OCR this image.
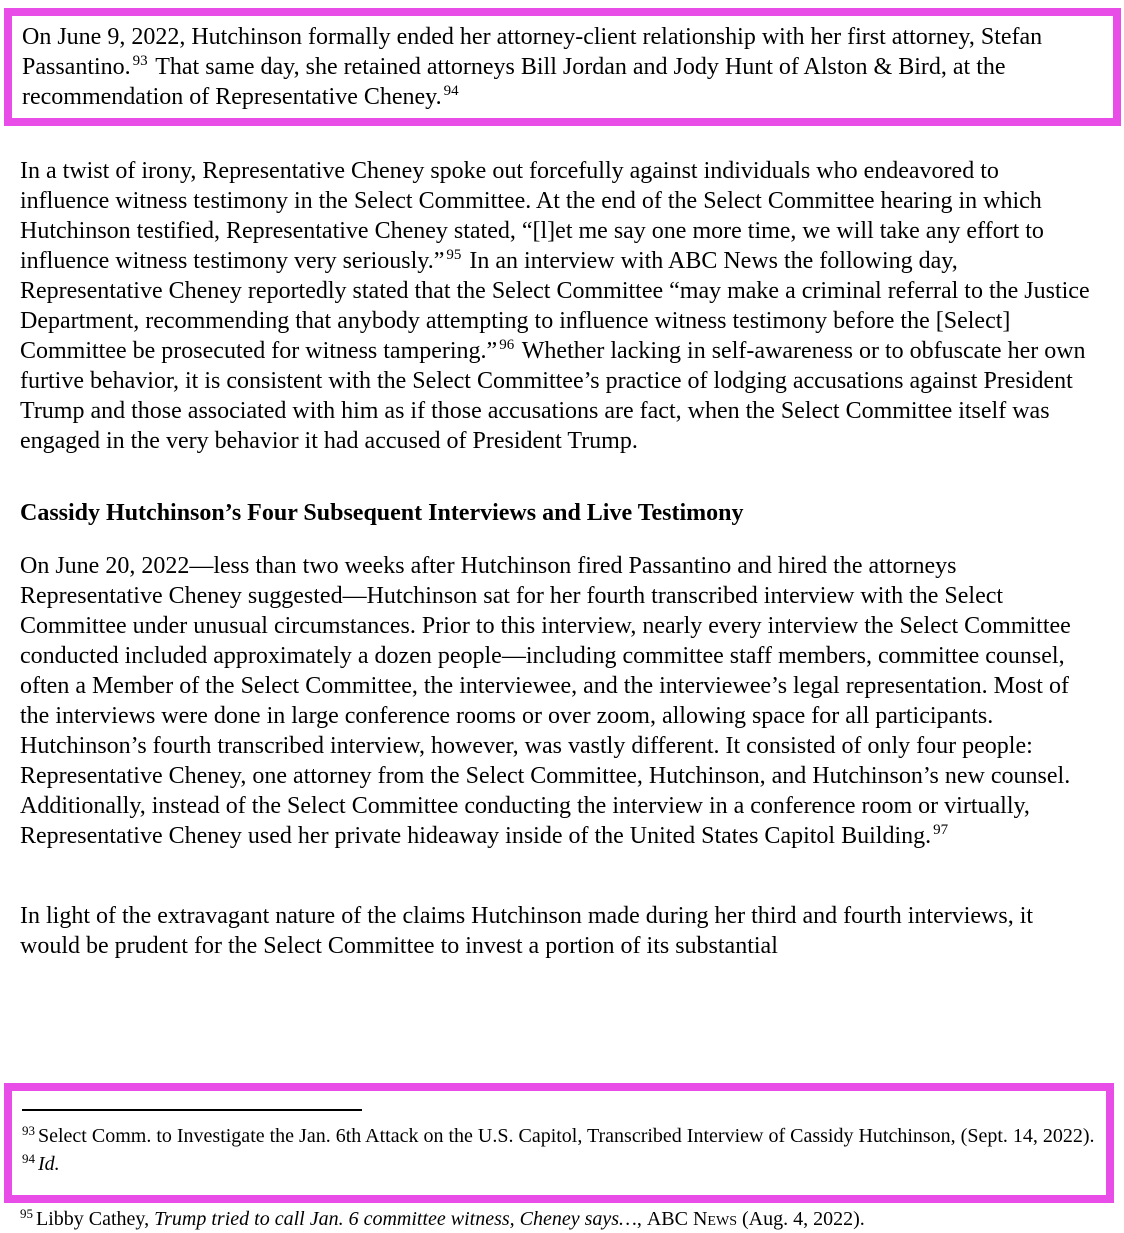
On June 9, 2022, Hutchinson formally ended her attorney-client relationship with her first attorney, Stefan Passantino. $^{93}$ That same day, she retained attorneys Bill Jordan and Jody Hunt of Alston & Bird, at the recommendation of Representative Cheney. $^{94}$

In a twist of irony, Representative Cheney spoke out forcefully against individuals who endeavored to influence witness testimony in the Select Committee. At the end of the Select Committee hearing in which Hutchinson testified, Representative Cheney stated, “[l]et me say one more time, we will take any effort to influence witness testimony very seriously.” $^{95}$ In an interview with ABC News the following day, Representative Cheney reportedly stated that the Select Committee “may make a criminal referral to the Justice Department, recommending that anybody attempting to influence witness testimony before the [Select] Committee be prosecuted for witness tampering.” $^{96}$ Whether lacking in self-awareness or to obfuscate her own furtive behavior, it is consistent with the Select Committee’s practice of lodging accusations against President Trump and those associated with him as if those accusations are fact, when the Select Committee itself was engaged in the very behavior it had accused of President Trump.

Cassidy Hutchinson’s Four Subsequent Interviews and Live Testimony

On June 20, 2022—less than two weeks after Hutchinson fired Passantino and hired the attorneys Representative Cheney suggested—Hutchinson sat for her fourth transcribed interview with the Select Committee under unusual circumstances. Prior to this interview, nearly every interview the Select Committee conducted included approximately a dozen people—including committee staff members, committee counsel, often a Member of the Select Committee, the interviewee, and the interviewee’s legal representation. Most of the interviews were done in large conference rooms or over zoom, allowing space for all participants. Hutchinson’s fourth transcribed interview, however, was vastly different. It consisted of only four people: Representative Cheney, one attorney from the Select Committee, Hutchinson, and Hutchinson’s new counsel. Additionally, instead of the Select Committee conducting the interview in a conference room or virtually, Representative Cheney used her private hideaway inside of the United States Capitol Building. $^{97}$

In light of the extravagant nature of the claims Hutchinson made during her third and fourth interviews, it would be prudent for the Select Committee to invest a portion of its substantial

$^{93}$ Select Comm. to Investigate the Jan. 6th Attack on the U.S. Capitol, Transcribed Interview of Cassidy Hutchinson, (Sept. 14, 2022).

$^{94}$ Id.

$^{95}$ Libby Cathey, Trump tried to call Jan. 6 committee witness, Cheney says…, ABC News (Aug. 4, 2022).
